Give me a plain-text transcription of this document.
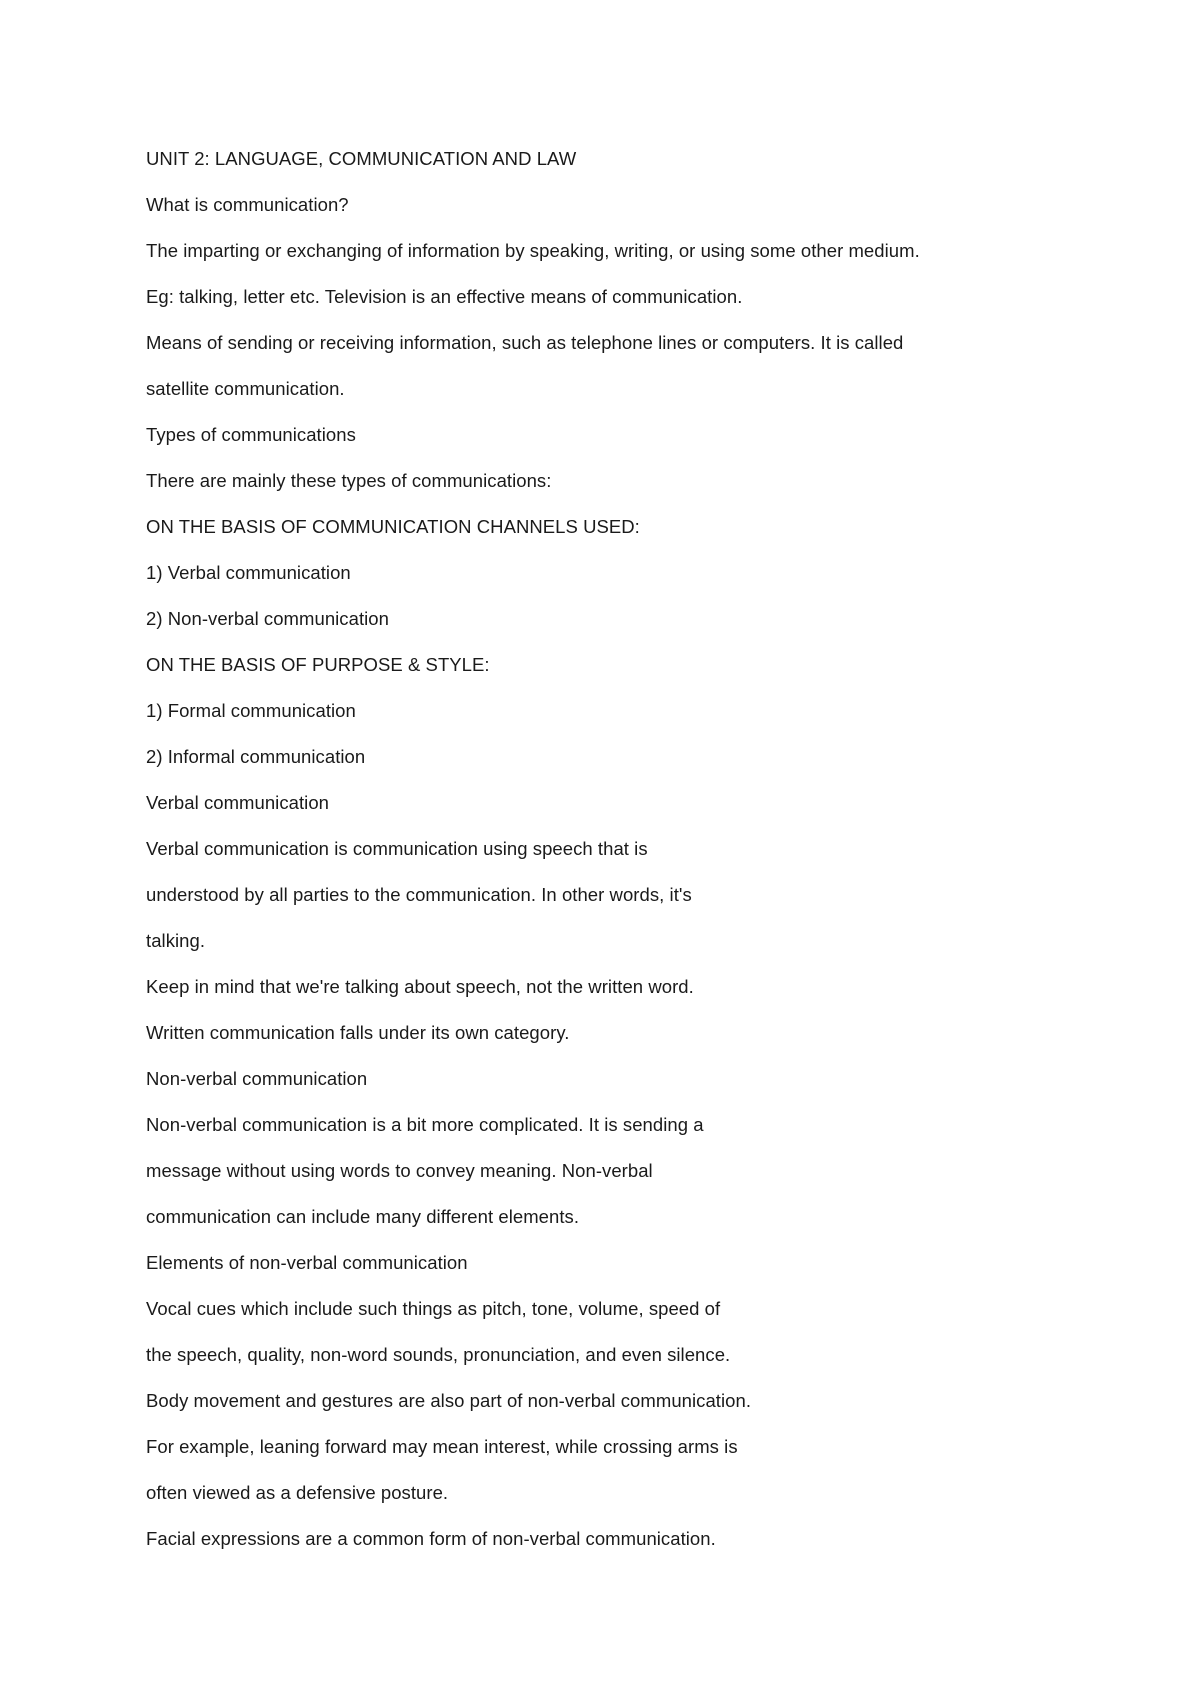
UNIT 2: LANGUAGE, COMMUNICATION AND LAW
What is communication?
The imparting or exchanging of information by speaking, writing, or using some other medium.
Eg: talking, letter etc. Television is an effective means of communication.
Means of sending or receiving information, such as telephone lines or computers. It is called
satellite communication.
Types of communications
There are mainly these types of communications:
ON THE BASIS OF COMMUNICATION CHANNELS USED:
1) Verbal communication
2) Non-verbal communication
ON THE BASIS OF PURPOSE & STYLE:
1) Formal communication
2) Informal communication
Verbal communication
Verbal communication is communication using speech that is
understood by all parties to the communication. In other words, it's
talking.
Keep in mind that we're talking about speech, not the written word.
Written communication falls under its own category.
Non-verbal communication
Non-verbal communication is a bit more complicated. It is sending a
message without using words to convey meaning. Non-verbal
communication can include many different elements.
Elements of non-verbal communication
Vocal cues which include such things as pitch, tone, volume, speed of
the speech, quality, non-word sounds, pronunciation, and even silence.
Body movement and gestures are also part of non-verbal communication.
For example, leaning forward may mean interest, while crossing arms is
often viewed as a defensive posture.
Facial expressions are a common form of non-verbal communication.
